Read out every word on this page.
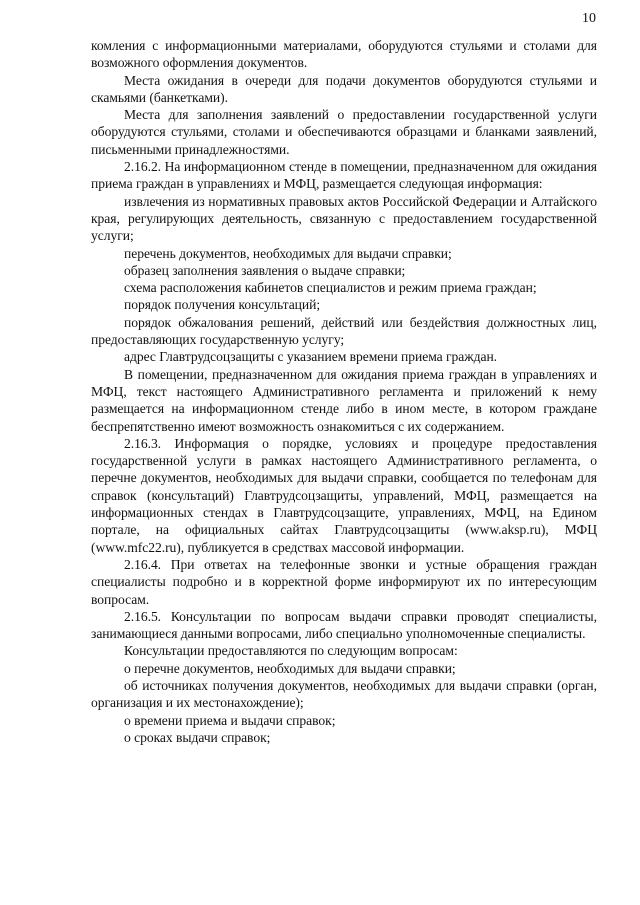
10

комления с информационными материалами, оборудуются стульями и столами для возможного оформления документов.

Места ожидания в очереди для подачи документов оборудуются стульями и скамьями (банкетками).

Места для заполнения заявлений о предоставлении государственной услуги оборудуются стульями, столами и обеспечиваются образцами и бланками заявлений, письменными принадлежностями.

2.16.2. На информационном стенде в помещении, предназначенном для ожидания приема граждан в управлениях и МФЦ, размещается следующая информация:

извлечения из нормативных правовых актов Российской Федерации и Алтайского края, регулирующих деятельность, связанную с предоставлением государственной услуги;

перечень документов, необходимых для выдачи справки;

образец заполнения заявления о выдаче справки;

схема расположения кабинетов специалистов и режим приема граждан;

порядок получения консультаций;

порядок обжалования решений, действий или бездействия должностных лиц, предоставляющих государственную услугу;

адрес Главтрудсоцзащиты с указанием времени приема граждан.

В помещении, предназначенном для ожидания приема граждан в управлениях и МФЦ, текст настоящего Административного регламента и приложений к нему размещается на информационном стенде либо в ином месте, в котором граждане беспрепятственно имеют возможность ознакомиться с их содержанием.

2.16.3. Информация о порядке, условиях и процедуре предоставления государственной услуги в рамках настоящего Административного регламента, о перечне документов, необходимых для выдачи справки, сообщается по телефонам для справок (консультаций) Главтрудсоцзащиты, управлений, МФЦ, размещается на информационных стендах в Главтрудсоцзащите, управлениях, МФЦ, на Едином портале, на официальных сайтах Главтрудсоцзащиты (www.aksp.ru), МФЦ (www.mfc22.ru), публикуется в средствах массовой информации.

2.16.4. При ответах на телефонные звонки и устные обращения граждан специалисты подробно и в корректной форме информируют их по интересующим вопросам.

2.16.5. Консультации по вопросам выдачи справки проводят специалисты, занимающиеся данными вопросами, либо специально уполномоченные специалисты.

Консультации предоставляются по следующим вопросам:

о перечне документов, необходимых для выдачи справки;

об источниках получения документов, необходимых для выдачи справки (орган, организация и их местонахождение);

о времени приема и выдачи справок;

о сроках выдачи справок;
